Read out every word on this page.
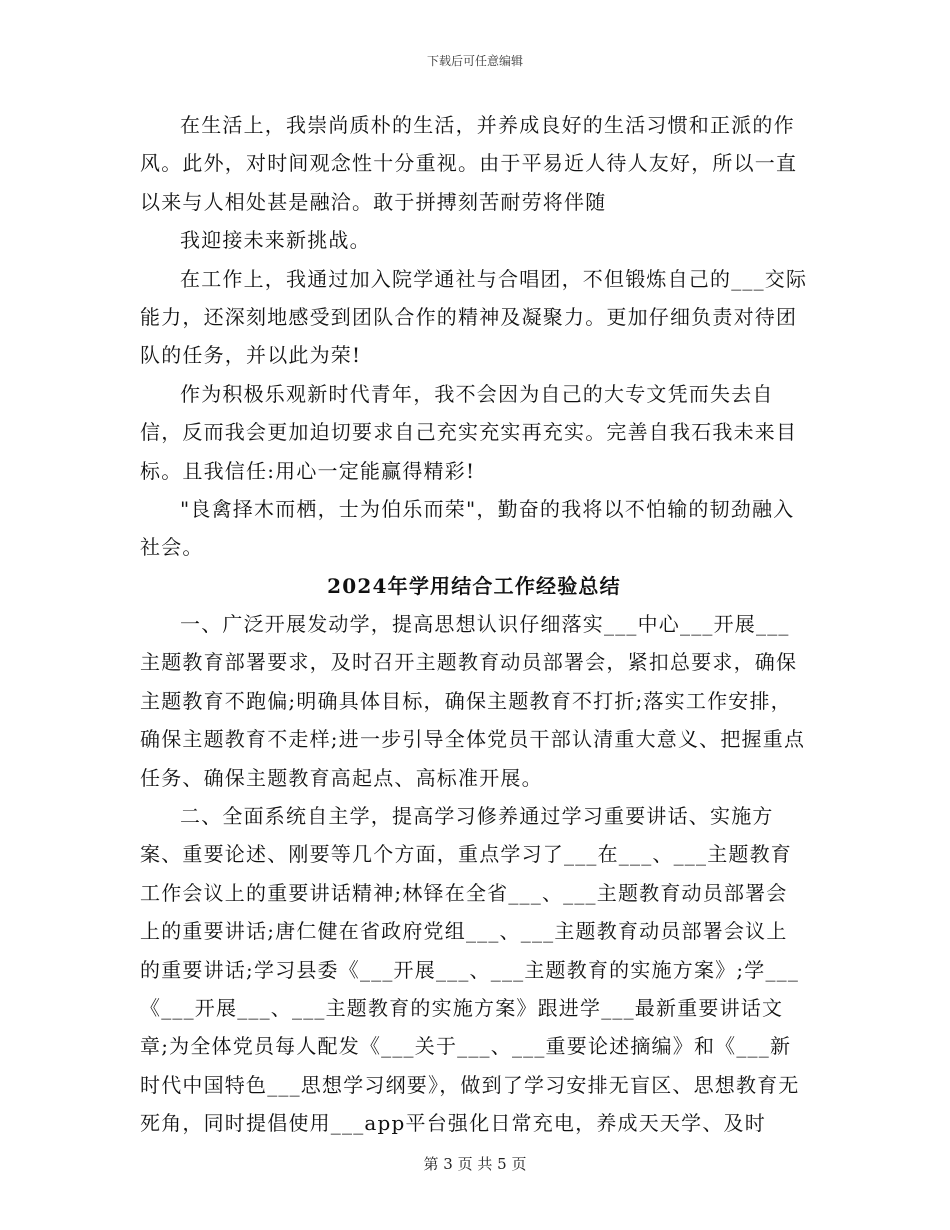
下载后可任意编辑

在生活上，我崇尚质朴的生活，并养成良好的生活习惯和正派的作风。此外，对时间观念性十分重视。由于平易近人待人友好，所以一直以来与人相处甚是融洽。敢于拼搏刻苦耐劳将伴随

我迎接未来新挑战。

在工作上，我通过加入院学通社与合唱团，不但锻炼自己的___交际能力，还深刻地感受到团队合作的精神及凝聚力。更加仔细负责对待团队的任务，并以此为荣!

作为积极乐观新时代青年，我不会因为自己的大专文凭而失去自信，反而我会更加迫切要求自己充实充实再充实。完善自我石我未来目标。且我信任:用心一定能赢得精彩!

"良禽择木而栖，士为伯乐而荣"，勤奋的我将以不怕输的韧劲融入社会。

2024年学用结合工作经验总结

一、广泛开展发动学，提高思想认识仔细落实___中心___开展___主题教育部署要求，及时召开主题教育动员部署会，紧扣总要求，确保主题教育不跑偏;明确具体目标，确保主题教育不打折;落实工作安排，确保主题教育不走样;进一步引导全体党员干部认清重大意义、把握重点任务、确保主题教育高起点、高标准开展。

二、全面系统自主学，提高学习修养通过学习重要讲话、实施方案、重要论述、刚要等几个方面，重点学习了___在___、___主题教育工作会议上的重要讲话精神;林铎在全省___、___主题教育动员部署会上的重要讲话;唐仁健在省政府党组___、___主题教育动员部署会议上的重要讲话;学习县委《___开展___、___主题教育的实施方案》;学___《___开展___、___主题教育的实施方案》跟进学___最新重要讲话文章;为全体党员每人配发《___关于___、___重要论述摘编》和《___新时代中国特色___思想学习纲要》，做到了学习安排无盲区、思想教育无死角，同时提倡使用___app平台强化日常充电，养成天天学、及时

第 3 页 共 5 页
